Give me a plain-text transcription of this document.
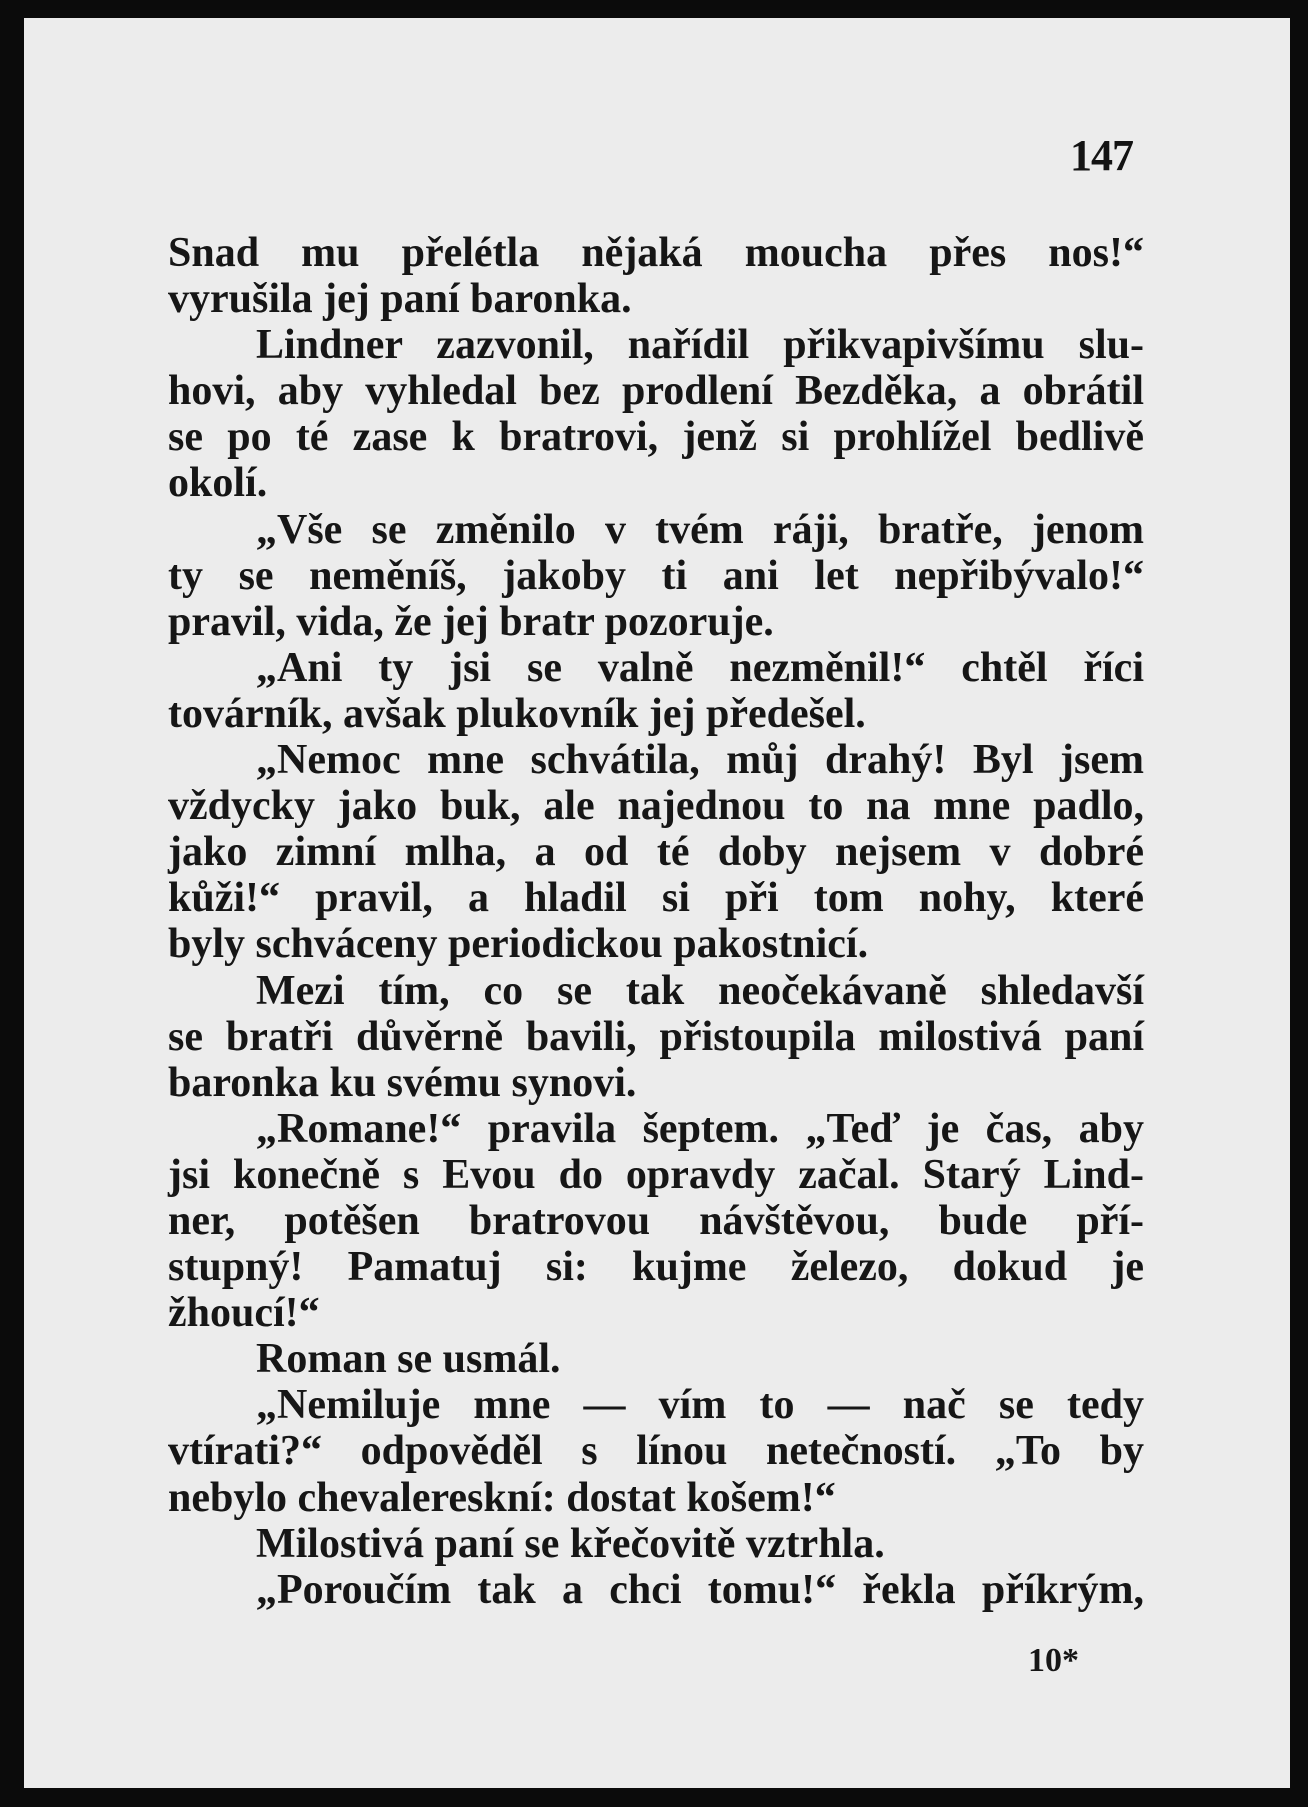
147
Snad mu přelétla nějaká moucha přes nos!“
vyrušila jej paní baronka.
Lindner zazvonil, nařídil přikvapivšímu slu-
hovi, aby vyhledal bez prodlení Bezděka, a obrátil
se po té zase k bratrovi, jenž si prohlížel bedlivě
okolí.
„Vše se změnilo v tvém ráji, bratře, jenom
ty se neměníš, jakoby ti ani let nepřibývalo!“
pravil, vida, že jej bratr pozoruje.
„Ani ty jsi se valně nezměnil!“ chtěl říci
továrník, avšak plukovník jej předešel.
„Nemoc mne schvátila, můj drahý! Byl jsem
vždycky jako buk, ale najednou to na mne padlo,
jako zimní mlha, a od té doby nejsem v dobré
kůži!“ pravil, a hladil si při tom nohy, které
byly schváceny periodickou pakostnicí.
Mezi tím, co se tak neočekávaně shledavší
se bratři důvěrně bavili, přistoupila milostivá paní
baronka ku svému synovi.
„Romane!“ pravila šeptem. „Teď je čas, aby
jsi konečně s Evou do opravdy začal. Starý Lind-
ner, potěšen bratrovou návštěvou, bude pří-
stupný! Pamatuj si: kujme železo, dokud je
žhoucí!“
Roman se usmál.
„Nemiluje mne — vím to — nač se tedy
vtírati?“ odpověděl s línou netečností. „To by
nebylo chevalereskní: dostat košem!“
Milostivá paní se křečovitě vztrhla.
„Poroučím tak a chci tomu!“ řekla příkrým,
10*
